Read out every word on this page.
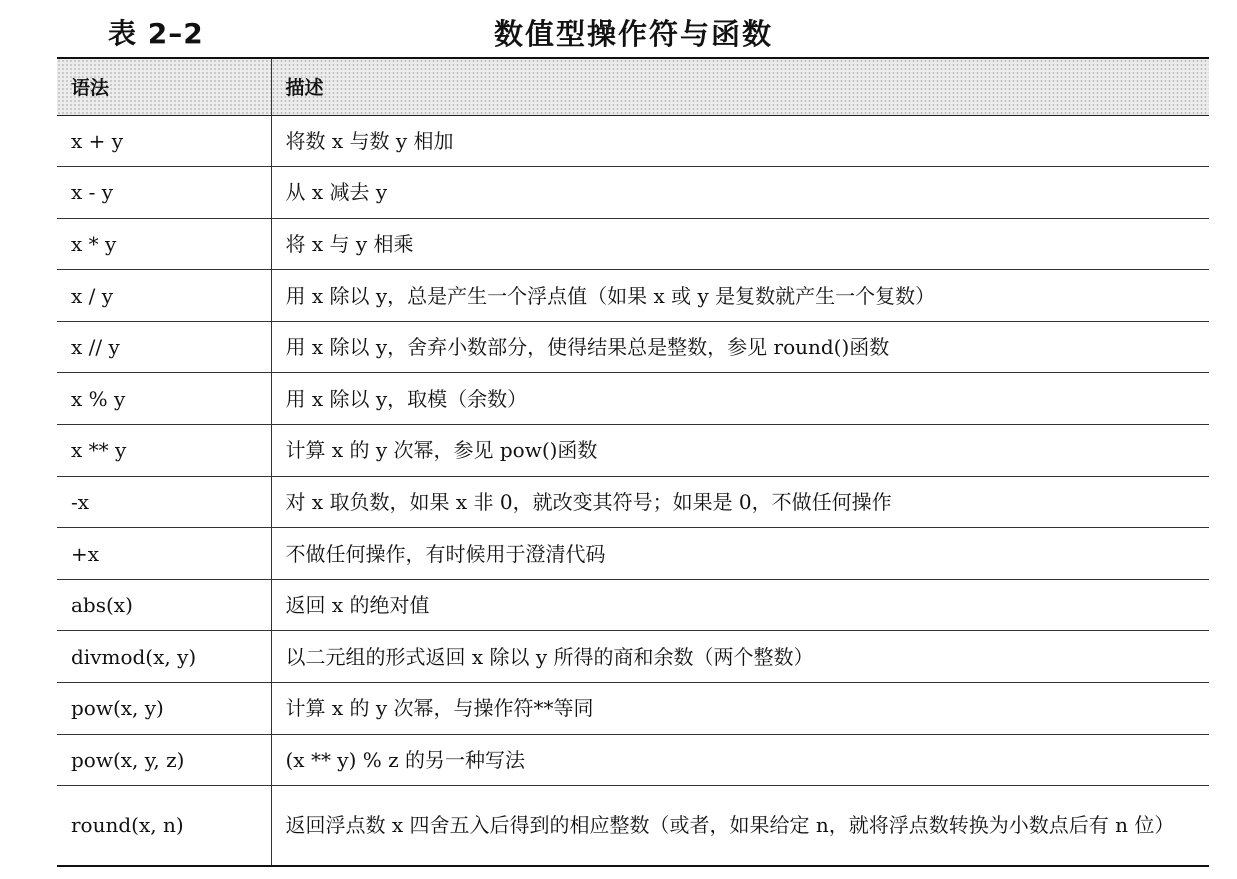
表 2–2	数值型操作符与函数
语法	描述
x + y	将数 x 与数 y 相加
x - y	从 x 减去 y
x * y	将 x 与 y 相乘
x / y	用 x 除以 y，总是产生一个浮点值（如果 x 或 y 是复数就产生一个复数）
x // y	用 x 除以 y，舍弃小数部分，使得结果总是整数，参见 round()函数
x % y	用 x 除以 y，取模（余数）
x ** y	计算 x 的 y 次幂，参见 pow()函数
-x	对 x 取负数，如果 x 非 0，就改变其符号；如果是 0，不做任何操作
+x	不做任何操作，有时候用于澄清代码
abs(x)	返回 x 的绝对值
divmod(x, y)	以二元组的形式返回 x 除以 y 所得的商和余数（两个整数）
pow(x, y)	计算 x 的 y 次幂，与操作符**等同
pow(x, y, z)	(x ** y) % z 的另一种写法
round(x, n)	返回浮点数 x 四舍五入后得到的相应整数（或者，如果给定 n，就将浮点数转换为小数点后有 n 位）
